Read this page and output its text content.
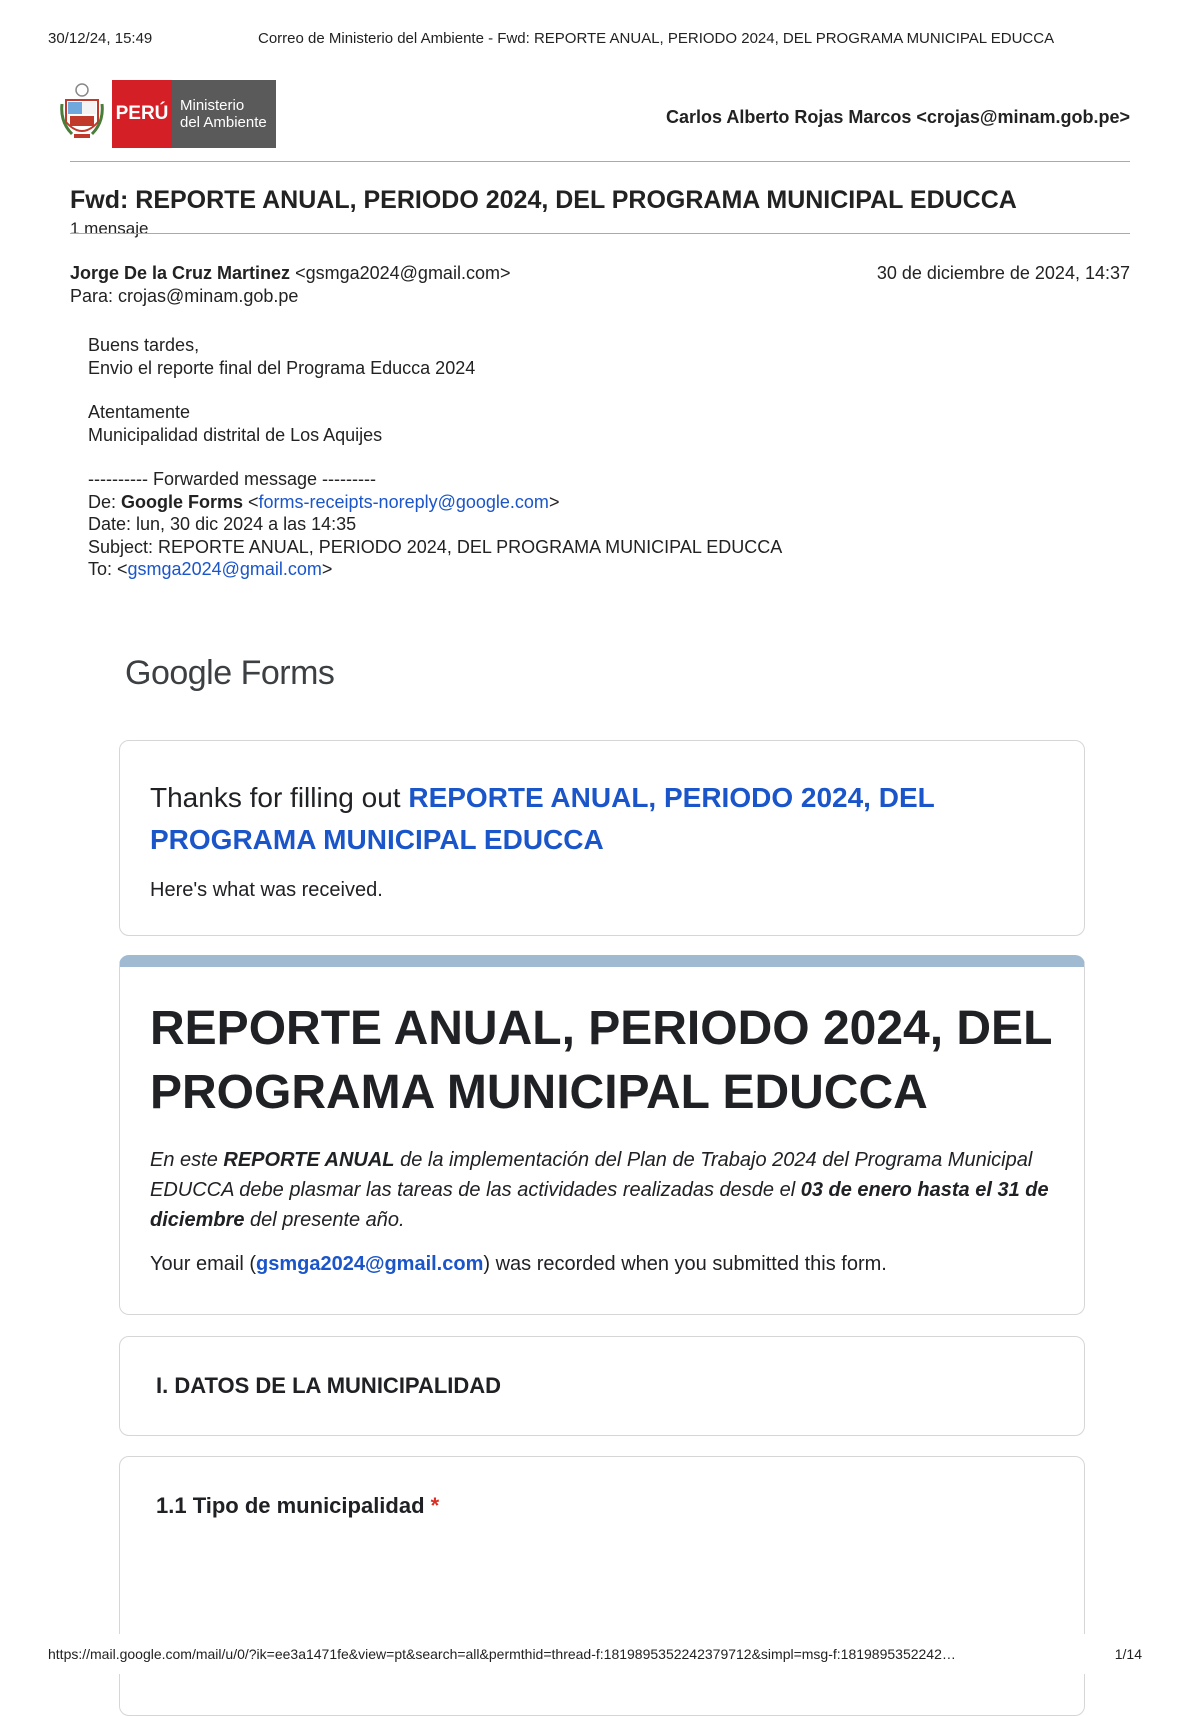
30/12/24, 15:49	Correo de Ministerio del Ambiente - Fwd: REPORTE ANUAL, PERIODO 2024, DEL PROGRAMA MUNICIPAL EDUCCA
PERÚ Ministerio
del Ambiente	Carlos Alberto Rojas Marcos <crojas@minam.gob.pe>
Fwd: REPORTE ANUAL, PERIODO 2024, DEL PROGRAMA MUNICIPAL EDUCCA
1 mensaje
Jorge De la Cruz Martinez <gsmga2024@gmail.com>	30 de diciembre de 2024, 14:37
Para: crojas@minam.gob.pe

Buens tardes,

Envio el reporte final del Programa Educca 2024

Atentamente

Municipalidad distrital de Los Aquijes

---------- Forwarded message ---------

De: Google Forms <forms-receipts-noreply@google.com>

Date: lun, 30 dic 2024 a las 14:35

Subject: REPORTE ANUAL, PERIODO 2024, DEL PROGRAMA MUNICIPAL EDUCCA

To: <gsmga2024@gmail.com>

Google Forms
Thanks for filling out REPORTE ANUAL, PERIODO 2024, DEL PROGRAMA MUNICIPAL EDUCCA
Here's what was received.
REPORTE ANUAL, PERIODO 2024, DEL PROGRAMA MUNICIPAL EDUCCA
En este REPORTE ANUAL de la implementación del Plan de Trabajo 2024 del Programa Municipal EDUCCA debe plasmar las tareas de las actividades realizadas desde el 03 de enero hasta el 31 de diciembre del presente año.
Your email (gsmga2024@gmail.com) was recorded when you submitted this form.
I. DATOS DE LA MUNICIPALIDAD
1.1 Tipo de municipalidad *
https://mail.google.com/mail/u/0/?ik=ee3a1471fe&view=pt&search=all&permthid=thread-f:1819895352242379712&simpl=msg-f:1819895352242…	1/14
